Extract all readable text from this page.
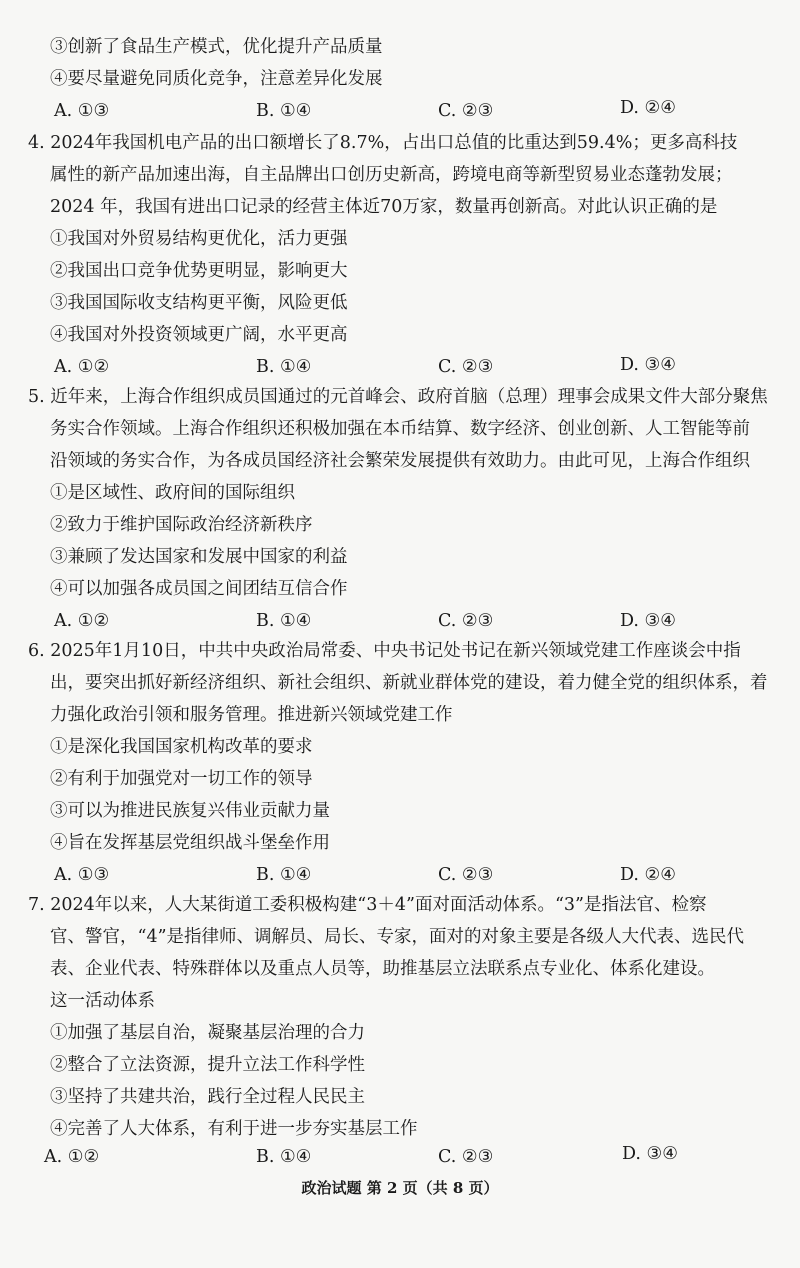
③创新了食品生产模式，优化提升产品质量
④要尽量避免同质化竞争，注意差异化发展
A. ①③	B. ①④	C. ②③	D. ②④
4. 2024年我国机电产品的出口额增长了8.7%，占出口总值的比重达到59.4%；更多高科技
属性的新产品加速出海，自主品牌出口创历史新高，跨境电商等新型贸易业态蓬勃发展；
2024 年，我国有进出口记录的经营主体近70万家，数量再创新高。对此认识正确的是
①我国对外贸易结构更优化，活力更强
②我国出口竞争优势更明显，影响更大
③我国国际收支结构更平衡，风险更低
④我国对外投资领域更广阔，水平更高
A. ①②	B. ①④	C. ②③	D. ③④
5. 近年来，上海合作组织成员国通过的元首峰会、政府首脑（总理）理事会成果文件大部分聚焦
务实合作领域。上海合作组织还积极加强在本币结算、数字经济、创业创新、人工智能等前
沿领域的务实合作，为各成员国经济社会繁荣发展提供有效助力。由此可见，上海合作组织
①是区域性、政府间的国际组织
②致力于维护国际政治经济新秩序
③兼顾了发达国家和发展中国家的利益
④可以加强各成员国之间团结互信合作
A. ①②	B. ①④	C. ②③	D. ③④
6. 2025年1月10日，中共中央政治局常委、中央书记处书记在新兴领域党建工作座谈会中指
出，要突出抓好新经济组织、新社会组织、新就业群体党的建设，着力健全党的组织体系，着
力强化政治引领和服务管理。推进新兴领域党建工作
①是深化我国国家机构改革的要求
②有利于加强党对一切工作的领导
③可以为推进民族复兴伟业贡献力量
④旨在发挥基层党组织战斗堡垒作用
A. ①③	B. ①④	C. ②③	D. ②④
7. 2024年以来，人大某街道工委积极构建“3＋4”面对面活动体系。“3”是指法官、检察
官、警官，“4”是指律师、调解员、局长、专家，面对的对象主要是各级人大代表、选民代
表、企业代表、特殊群体以及重点人员等，助推基层立法联系点专业化、体系化建设。
这一活动体系
①加强了基层自治，凝聚基层治理的合力
②整合了立法资源，提升立法工作科学性
③坚持了共建共治，践行全过程人民民主
④完善了人大体系，有利于进一步夯实基层工作
A. ①②	B. ①④	C. ②③	D. ③④
政治试题 第 2 页（共 8 页）
